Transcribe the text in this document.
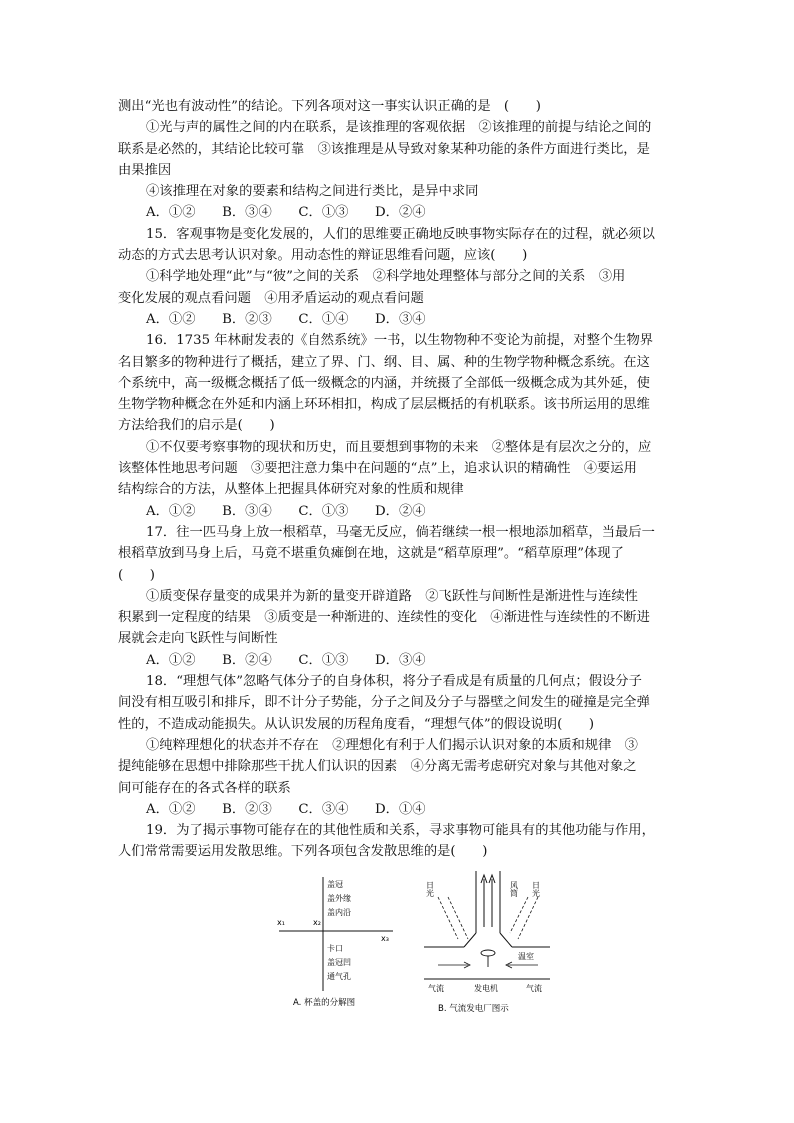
测出“光也有波动性”的结论。下列各项对这一事实认识正确的是　(　　)
①光与声的属性之间的内在联系，是该推理的客观依据　②该推理的前提与结论之间的
联系是必然的，其结论比较可靠　③该推理是从导致对象某种功能的条件方面进行类比，是
由果推因
④该推理在对象的要素和结构之间进行类比，是异中求同
A．①②　　B．③④　　C．①③　　D．②④
15．客观事物是变化发展的，人们的思维要正确地反映事物实际存在的过程，就必须以
动态的方式去思考认识对象。用动态性的辩证思维看问题，应该(　　)
①科学地处理“此”与“彼”之间的关系　②科学地处理整体与部分之间的关系　③用
变化发展的观点看问题　④用矛盾运动的观点看问题
A．①②　　B．②③　　C．①④　　D．③④
16．1735 年林耐发表的《自然系统》一书，以生物物种不变论为前提，对整个生物界
名目繁多的物种进行了概括，建立了界、门、纲、目、属、种的生物学物种概念系统。在这
个系统中，高一级概念概括了低一级概念的内涵，并统摄了全部低一级概念成为其外延，使
生物学物种概念在外延和内涵上环环相扣，构成了层层概括的有机联系。该书所运用的思维
方法给我们的启示是(　　)
①不仅要考察事物的现状和历史，而且要想到事物的未来　②整体是有层次之分的，应
该整体性地思考问题　③要把注意力集中在问题的“点”上，追求认识的精确性　④要运用
结构综合的方法，从整体上把握具体研究对象的性质和规律
A．①②　　B．③④　　C．①③　　D．②④
17．往一匹马身上放一根稻草，马毫无反应，倘若继续一根一根地添加稻草，当最后一
根稻草放到马身上后，马竟不堪重负瘫倒在地，这就是“稻草原理”。“稻草原理”体现了
(　　)
①质变保存量变的成果并为新的量变开辟道路　②飞跃性与间断性是渐进性与连续性
积累到一定程度的结果　③质变是一种渐进的、连续性的变化　④渐进性与连续性的不断进
展就会走向飞跃性与间断性
A．①②　　B．②④　　C．①③　　D．③④
18．“理想气体”忽略气体分子的自身体积，将分子看成是有质量的几何点；假设分子
间没有相互吸引和排斥，即不计分子势能，分子之间及分子与器壁之间发生的碰撞是完全弹
性的，不造成动能损失。从认识发展的历程角度看，“理想气体”的假设说明(　　)
①纯粹理想化的状态并不存在　②理想化有利于人们揭示认识对象的本质和规律　③
提纯能够在思想中排除那些干扰人们认识的因素　④分离无需考虑研究对象与其他对象之
间可能存在的各式各样的联系
A．①②　　B．②③　　C．③④　　D．①④
19．为了揭示事物可能存在的其他性质和关系，寻求事物可能具有的其他功能与作用，
人们常常需要运用发散思维。下列各项包含发散思维的是(　　)
x₁	x₂
x₃
盖冠
盖外缘
盖内沿
卡口
盖冠凹
通气孔
A. 杯盖的分解图
日光	风筒 日光
温室
气流	发电机	气流
B. 气流发电厂图示
